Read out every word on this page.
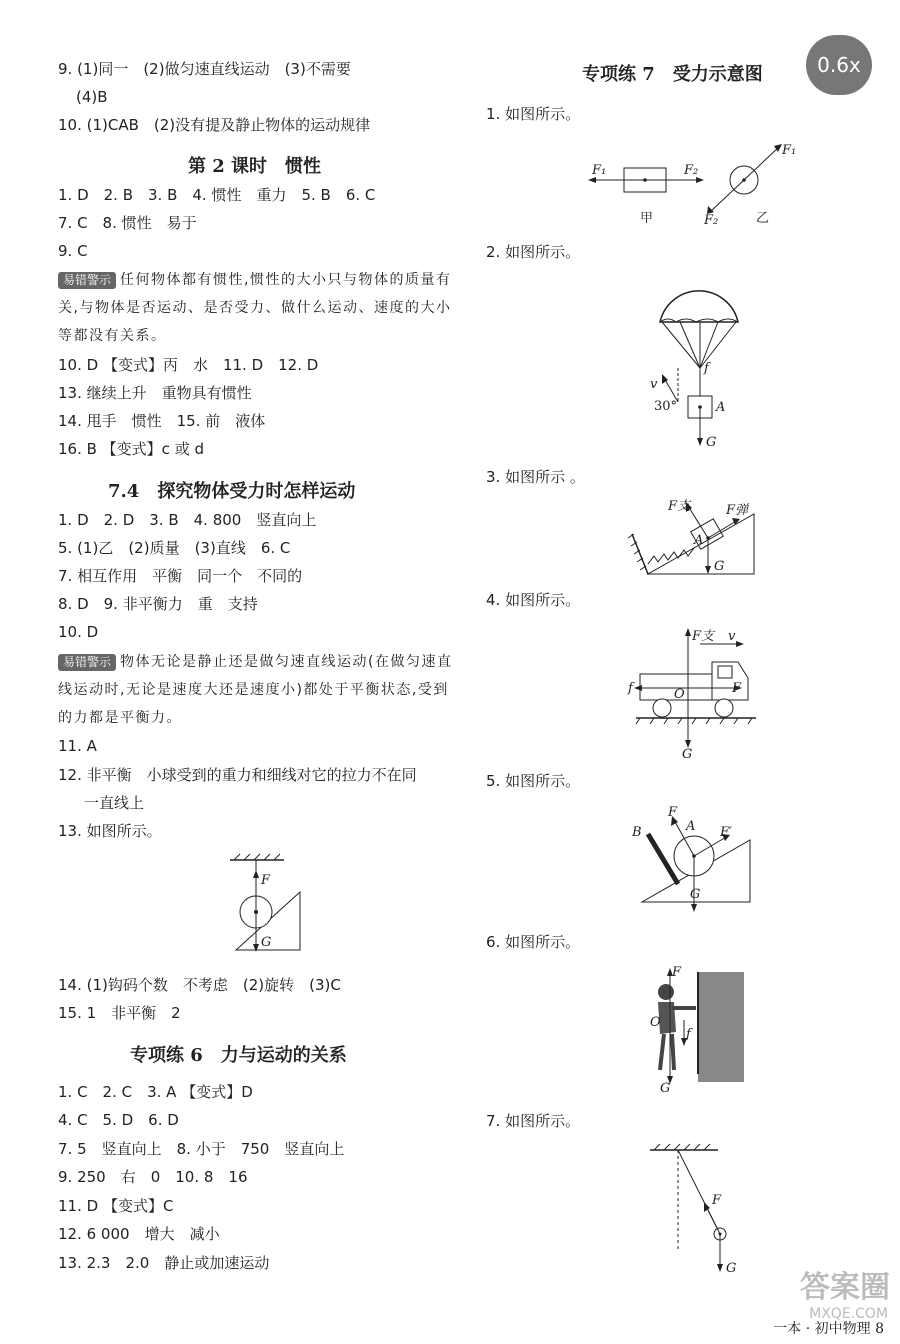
9. (1)同一　(2)做匀速直线运动　(3)不需要
(4)B
10. (1)CAB　(2)没有提及静止物体的运动规律
第 2 课时　惯性
1. D　2. B　3. B　4. 惯性　重力　5. B　6. C
7. C　8. 惯性　易于
9. C
易错警示 任何物体都有惯性,惯性的大小只与物体的质量有关,与物体是否运动、是否受力、做什么运动、速度的大小等都没有关系。
10. D 【变式】丙　水　11. D　12. D
13. 继续上升　重物具有惯性
14. 甩手　惯性　15. 前　液体
16. B 【变式】c 或 d
7.4　探究物体受力时怎样运动
1. D　2. D　3. B　4. 800　竖直向上
5. (1)乙　(2)质量　(3)直线　6. C
7. 相互作用　平衡　同一个　不同的
8. D　9. 非平衡力　重　支持
10. D
易错警示 物体无论是静止还是做匀速直线运动(在做匀速直线运动时,无论是速度大还是速度小)都处于平衡状态,受到的力都是平衡力。
11. A
12. 非平衡　小球受到的重力和细线对它的拉力不在同
一直线上
13. 如图所示。
14. (1)钩码个数　不考虑　(2)旋转　(3)C
15. 1　非平衡　2
专项练 6　力与运动的关系
1. C　2. C　3. A 【变式】D
4. C　5. D　6. D
7. 5　竖直向上　8. 小于　750　竖直向上
9. 250　右　0　10. 8　16
11. D 【变式】C
12. 6 000　增大　减小
13. 2.3　2.0　静止或加速运动
F
G
专项练 7　受力示意图
1. 如图所示。
2. 如图所示。
3. 如图所示 。
4. 如图所示。
5. 如图所示。
6. 如图所示。
7. 如图所示。
F₁	F₂
甲
F₁
F₂	乙
f
A
G
v
30°
F支	F弹
A
G
F支 v
f	O	F
G
F
B	A F′
G
F
O
f
G
F
G
0.6x
答案圈
MXQE.COM
一本 · 初中物理 8
